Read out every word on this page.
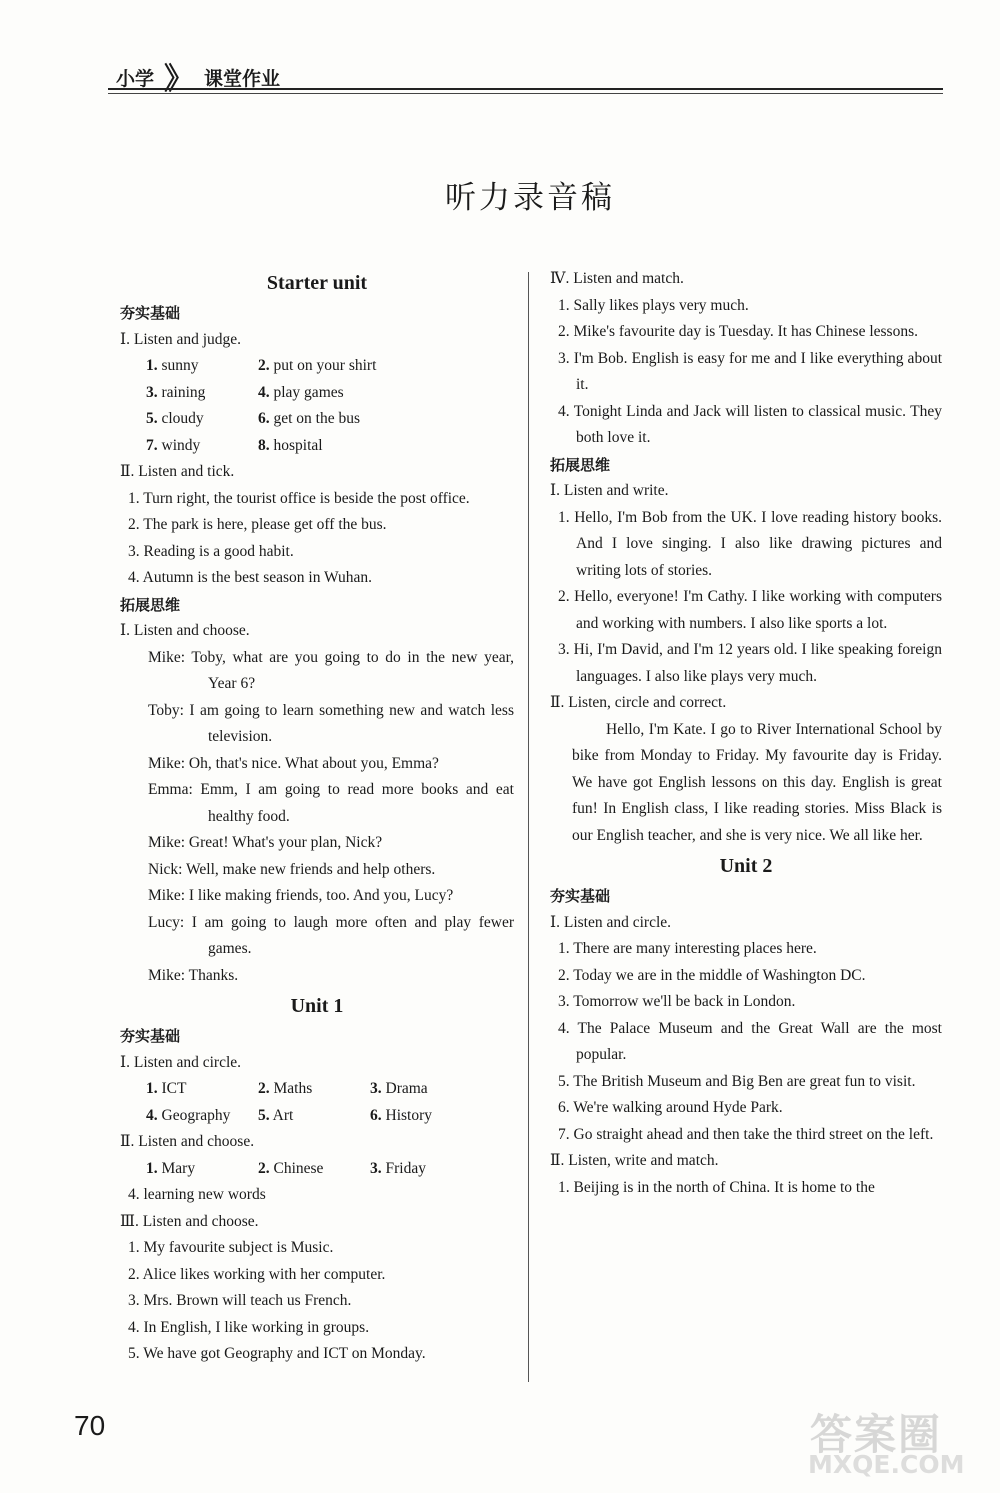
小学 》 课堂作业
听力录音稿
Starter unit

夯实基础

Ⅰ. Listen and judge.

1. sunny	2. put on your shirt
3. raining	4. play games
5. cloudy	6. get on the bus
7. windy	8. hospital

Ⅱ. Listen and tick.

1. Turn right, the tourist office is beside the post office.

2. The park is here, please get off the bus.

3. Reading is a good habit.

4. Autumn is the best season in Wuhan.

拓展思维

Ⅰ. Listen and choose.

Mike: Toby, what are you going to do in the new year, Year 6?

Toby: I am going to learn something new and watch less television.

Mike: Oh, that's nice. What about you, Emma?

Emma: Emm, I am going to read more books and eat healthy food.

Mike: Great! What's your plan, Nick?

Nick: Well, make new friends and help others.

Mike: I like making friends, too. And you, Lucy?

Lucy: I am going to laugh more often and play fewer games.

Mike: Thanks.

Unit 1

夯实基础

Ⅰ. Listen and circle.

1. ICT	2. Maths	3. Drama
4. Geography	5. Art	6. History

Ⅱ. Listen and choose.

1. Mary	2. Chinese	3. Friday

4. learning new words

Ⅲ. Listen and choose.

1. My favourite subject is Music.

2. Alice likes working with her computer.

3. Mrs. Brown will teach us French.

4. In English, I like working in groups.

5. We have got Geography and ICT on Monday.

Ⅳ. Listen and match.

1. Sally likes plays very much.

2. Mike's favourite day is Tuesday. It has Chinese lessons.

3. I'm Bob. English is easy for me and I like everything about it.

4. Tonight Linda and Jack will listen to classical music. They both love it.

拓展思维

Ⅰ. Listen and write.

1. Hello, I'm Bob from the UK. I love reading history books. And I love singing. I also like drawing pictures and writing lots of stories.

2. Hello, everyone! I'm Cathy. I like working with computers and working with numbers. I also like sports a lot.

3. Hi, I'm David, and I'm 12 years old. I like speaking foreign languages. I also like plays very much.

Ⅱ. Listen, circle and correct.

Hello, I'm Kate. I go to River International School by bike from Monday to Friday. My favourite day is Friday. We have got English lessons on this day. English is great fun! In English class, I like reading stories. Miss Black is our English teacher, and she is very nice. We all like her.

Unit 2

夯实基础

Ⅰ. Listen and circle.

1. There are many interesting places here.

2. Today we are in the middle of Washington DC.

3. Tomorrow we'll be back in London.

4. The Palace Museum and the Great Wall are the most popular.

5. The British Museum and Big Ben are great fun to visit.

6. We're walking around Hyde Park.

7. Go straight ahead and then take the third street on the left.

Ⅱ. Listen, write and match.

1. Beijing is in the north of China. It is home to the

70	答案圈
MXQE.COM
